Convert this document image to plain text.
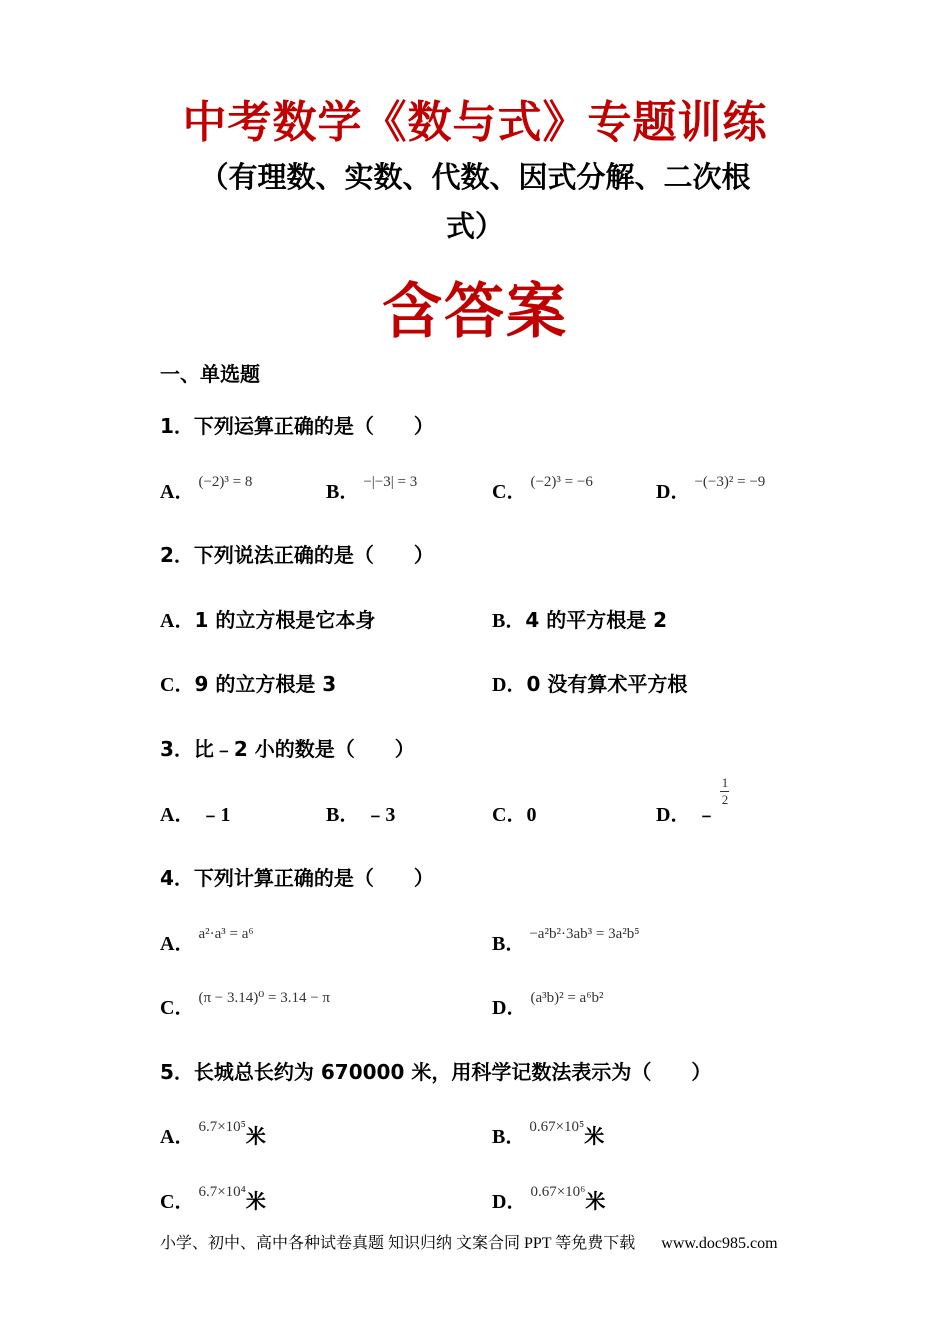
中考数学《数与式》专题训练
（有理数、实数、代数、因式分解、二次根
式）
含答案
一、单选题
1．下列运算正确的是（　　）
A． $^{(-2)^3 = 8}$	B． $^{-|-3| = 3}$	C． $^{(-2)^3 = -6}$	D． $^{-(-3)^2 = -9}$
2．下列说法正确的是（　　）
A．1 的立方根是它本身	B．4 的平方根是 2
C．9 的立方根是 3	D．0 没有算术平方根
3．比﹣2 小的数是（　　）
A． ﹣1	B． ﹣3	C．0	D． $﹣\frac{1}{2}$
4．下列计算正确的是（　　）
A． $^{a^2\cdot a^3 = a^6}$	B． $^{-a^2b^2\cdot 3ab^3 = 3a^2b^5}$
C． $^{(\pi - 3.14)^0 = 3.14 - \pi}$	D． $^{(a^3b)^2 = a^6b^2}$
5．长城总长约为 670000 米，用科学记数法表示为（　　）
A． $^{6.7\times 10^5}$米	B． $^{0.67\times 10^5}$米
C． $^{6.7\times 10^4}$米	D． $^{0.67\times 10^6}$米
小学、初中、高中各种试卷真题 知识归纳 文案合同 PPT 等免费下载 www.doc985.com
